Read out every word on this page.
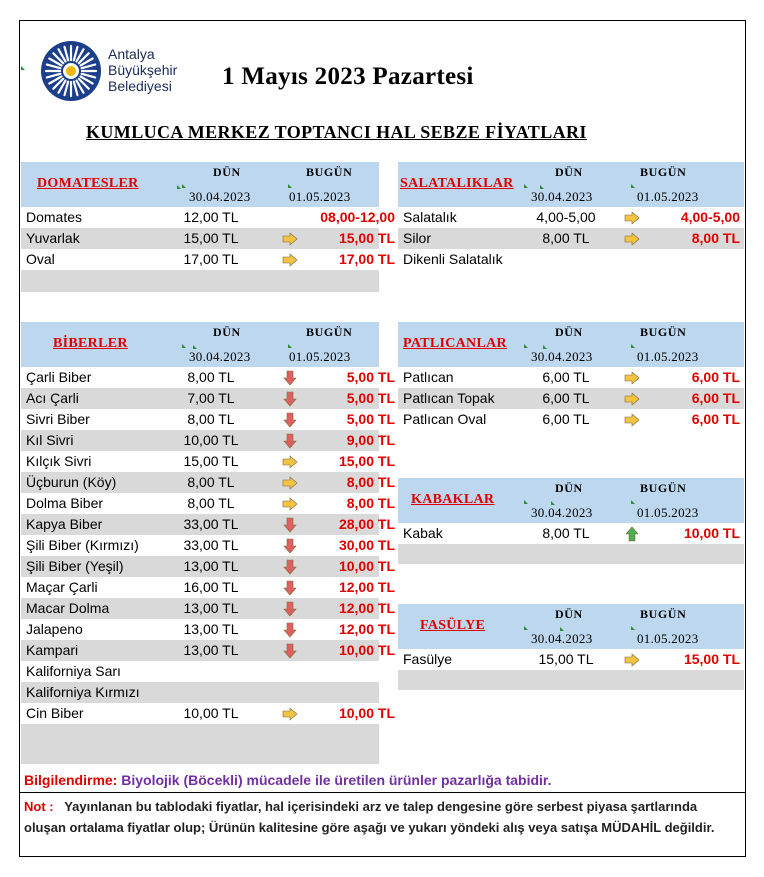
Antalya
Büyükşehir
Belediyesi 1 Mayıs 2023 Pazartesi
KUMLUCA MERKEZ TOPTANCI HAL SEBZE FİYATLARI
DOMATESLER
DÜN	BUGÜN
30.04.2023	01.05.2023
Domates	12,00 TL	08,00-12,00
Yuvarlak	15,00 TL	15,00 TL
Oval	17,00 TL	17,00 TL
BİBERLER
DÜN	BUGÜN
30.04.2023	01.05.2023
Çarli Biber	8,00 TL	5,00 TL
Acı Çarli	7,00 TL	5,00 TL
Sivri Biber	8,00 TL	5,00 TL
Kıl Sivri	10,00 TL	9,00 TL
Kılçık Sivri	15,00 TL	15,00 TL
Üçburun (Köy)	8,00 TL	8,00 TL
Dolma Biber	8,00 TL	8,00 TL
Kapya Biber	33,00 TL	28,00 TL
Şili Biber (Kırmızı)	33,00 TL	30,00 TL
Şili Biber (Yeşil)	13,00 TL	10,00 TL
Maçar Çarli	16,00 TL	12,00 TL
Macar Dolma	13,00 TL	12,00 TL
Jalapeno	13,00 TL	12,00 TL
Kampari	13,00 TL	10,00 TL
Kaliforniya Sarı
Kaliforniya Kırmızı
Cin Biber	10,00 TL	10,00 TL
SALATALIKLAR
DÜN	BUGÜN
30.04.2023	01.05.2023
Salatalık	4,00-5,00	4,00-5,00
Silor	8,00 TL	8,00 TL
Dikenli Salatalık
PATLICANLAR
DÜN	BUGÜN
30.04.2023	01.05.2023
Patlıcan	6,00 TL	6,00 TL
Patlıcan Topak	6,00 TL	6,00 TL
Patlıcan Oval	6,00 TL	6,00 TL
KABAKLAR
DÜN	BUGÜN
30.04.2023	01.05.2023
Kabak	8,00 TL	10,00 TL
FASÜLYE
DÜN	BUGÜN
30.04.2023	01.05.2023
Fasülye	15,00 TL	15,00 TL
Bilgilendirme: Biyolojik (Böcekli) mücadele ile üretilen ürünler pazarlığa tabidir.
Not : Yayınlanan bu tablodaki fiyatlar, hal içerisindeki arz ve talep dengesine göre serbest piyasa şartlarında oluşan ortalama fiyatlar olup; Ürünün kalitesine göre aşağı ve yukarı yöndeki alış veya satışa MÜDAHİL değildir.
